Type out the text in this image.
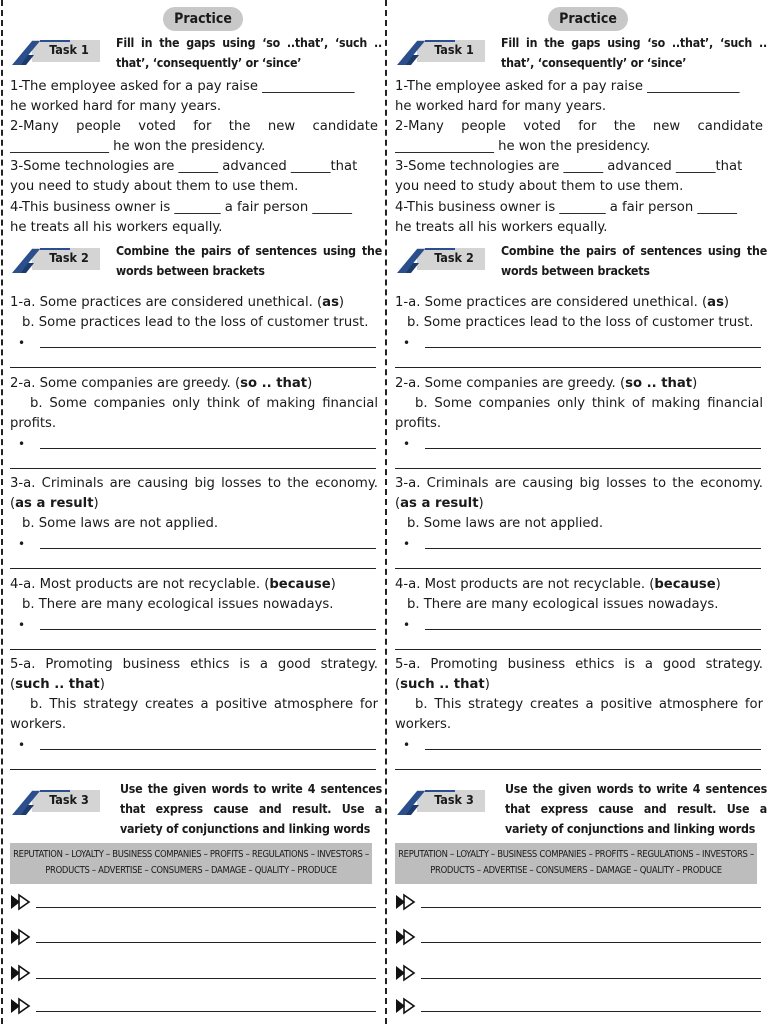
Practice
Task 1	Fill in the gaps using ‘so ..that’, ‘such .. that’, ‘consequently’ or ‘since’
1-The employee asked for a pay raise ______________
he worked hard for many years.
2-Many people voted for the new candidate
_______________ he won the presidency.
3-Some technologies are ______ advanced ______that
you need to study about them to use them.
4-This business owner is _______ a fair person ______
he treats all his workers equally.
Task 2	Combine the pairs of sentences using the words between brackets
1-a. Some practices are considered unethical. (as)
b. Some practices lead to the loss of customer trust.
•
2-a. Some companies are greedy. (so .. that)
b. Some companies only think of making financial
profits.
•
3-a. Criminals are causing big losses to the economy.
(as a result)
b. Some laws are not applied.
•
4-a. Most products are not recyclable. (because)
b. There are many ecological issues nowadays.
•
5-a. Promoting business ethics is a good strategy.
(such .. that)
b. This strategy creates a positive atmosphere for
workers.
•
Task 3
Use the given words to write 4 sentences that express cause and result. Use a variety of conjunctions and linking words
REPUTATION – LOYALTY – BUSINESS COMPANIES – PROFITS – REGULATIONS – INVESTORS –
PRODUCTS – ADVERTISE – CONSUMERS – DAMAGE – QUALITY – PRODUCE
Practice
Task 1	Fill in the gaps using ‘so ..that’, ‘such .. that’, ‘consequently’ or ‘since’
1-The employee asked for a pay raise ______________
he worked hard for many years.
2-Many people voted for the new candidate
_______________ he won the presidency.
3-Some technologies are ______ advanced ______that
you need to study about them to use them.
4-This business owner is _______ a fair person ______
he treats all his workers equally.
Task 2	Combine the pairs of sentences using the words between brackets
1-a. Some practices are considered unethical. (as)
b. Some practices lead to the loss of customer trust.
•
2-a. Some companies are greedy. (so .. that)
b. Some companies only think of making financial
profits.
•
3-a. Criminals are causing big losses to the economy.
(as a result)
b. Some laws are not applied.
•
4-a. Most products are not recyclable. (because)
b. There are many ecological issues nowadays.
•
5-a. Promoting business ethics is a good strategy.
(such .. that)
b. This strategy creates a positive atmosphere for
workers.
•
Task 3
Use the given words to write 4 sentences that express cause and result. Use a variety of conjunctions and linking words
REPUTATION – LOYALTY – BUSINESS COMPANIES – PROFITS – REGULATIONS – INVESTORS –
PRODUCTS – ADVERTISE – CONSUMERS – DAMAGE – QUALITY – PRODUCE
